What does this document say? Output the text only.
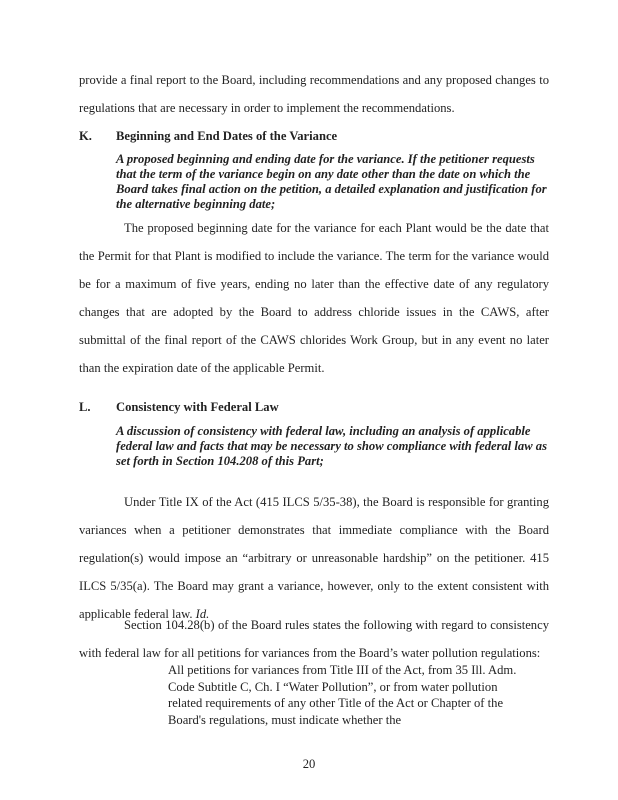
provide a final report to the Board, including recommendations and any proposed changes to regulations that are necessary in order to implement the recommendations.

K.	Beginning and End Dates of the Variance

A proposed beginning and ending date for the variance. If the petitioner requests that the term of the variance begin on any date other than the date on which the Board takes final action on the petition, a detailed explanation and justification for the alternative beginning date;

The proposed beginning date for the variance for each Plant would be the date that the Permit for that Plant is modified to include the variance. The term for the variance would be for a maximum of five years, ending no later than the effective date of any regulatory changes that are adopted by the Board to address chloride issues in the CAWS, after submittal of the final report of the CAWS chlorides Work Group, but in any event no later than the expiration date of the applicable Permit.

L.	Consistency with Federal Law

A discussion of consistency with federal law, including an analysis of applicable federal law and facts that may be necessary to show compliance with federal law as set forth in Section 104.208 of this Part;

Under Title IX of the Act (415 ILCS 5/35-38), the Board is responsible for granting variances when a petitioner demonstrates that immediate compliance with the Board regulation(s) would impose an “arbitrary or unreasonable hardship” on the petitioner. 415 ILCS 5/35(a). The Board may grant a variance, however, only to the extent consistent with applicable federal law. Id.

Section 104.28(b) of the Board rules states the following with regard to consistency with federal law for all petitions for variances from the Board’s water pollution regulations:

All petitions for variances from Title III of the Act, from 35 Ill. Adm. Code Subtitle C, Ch. I “Water Pollution”, or from water pollution related requirements of any other Title of the Act or Chapter of the Board's regulations, must indicate whether the

20
